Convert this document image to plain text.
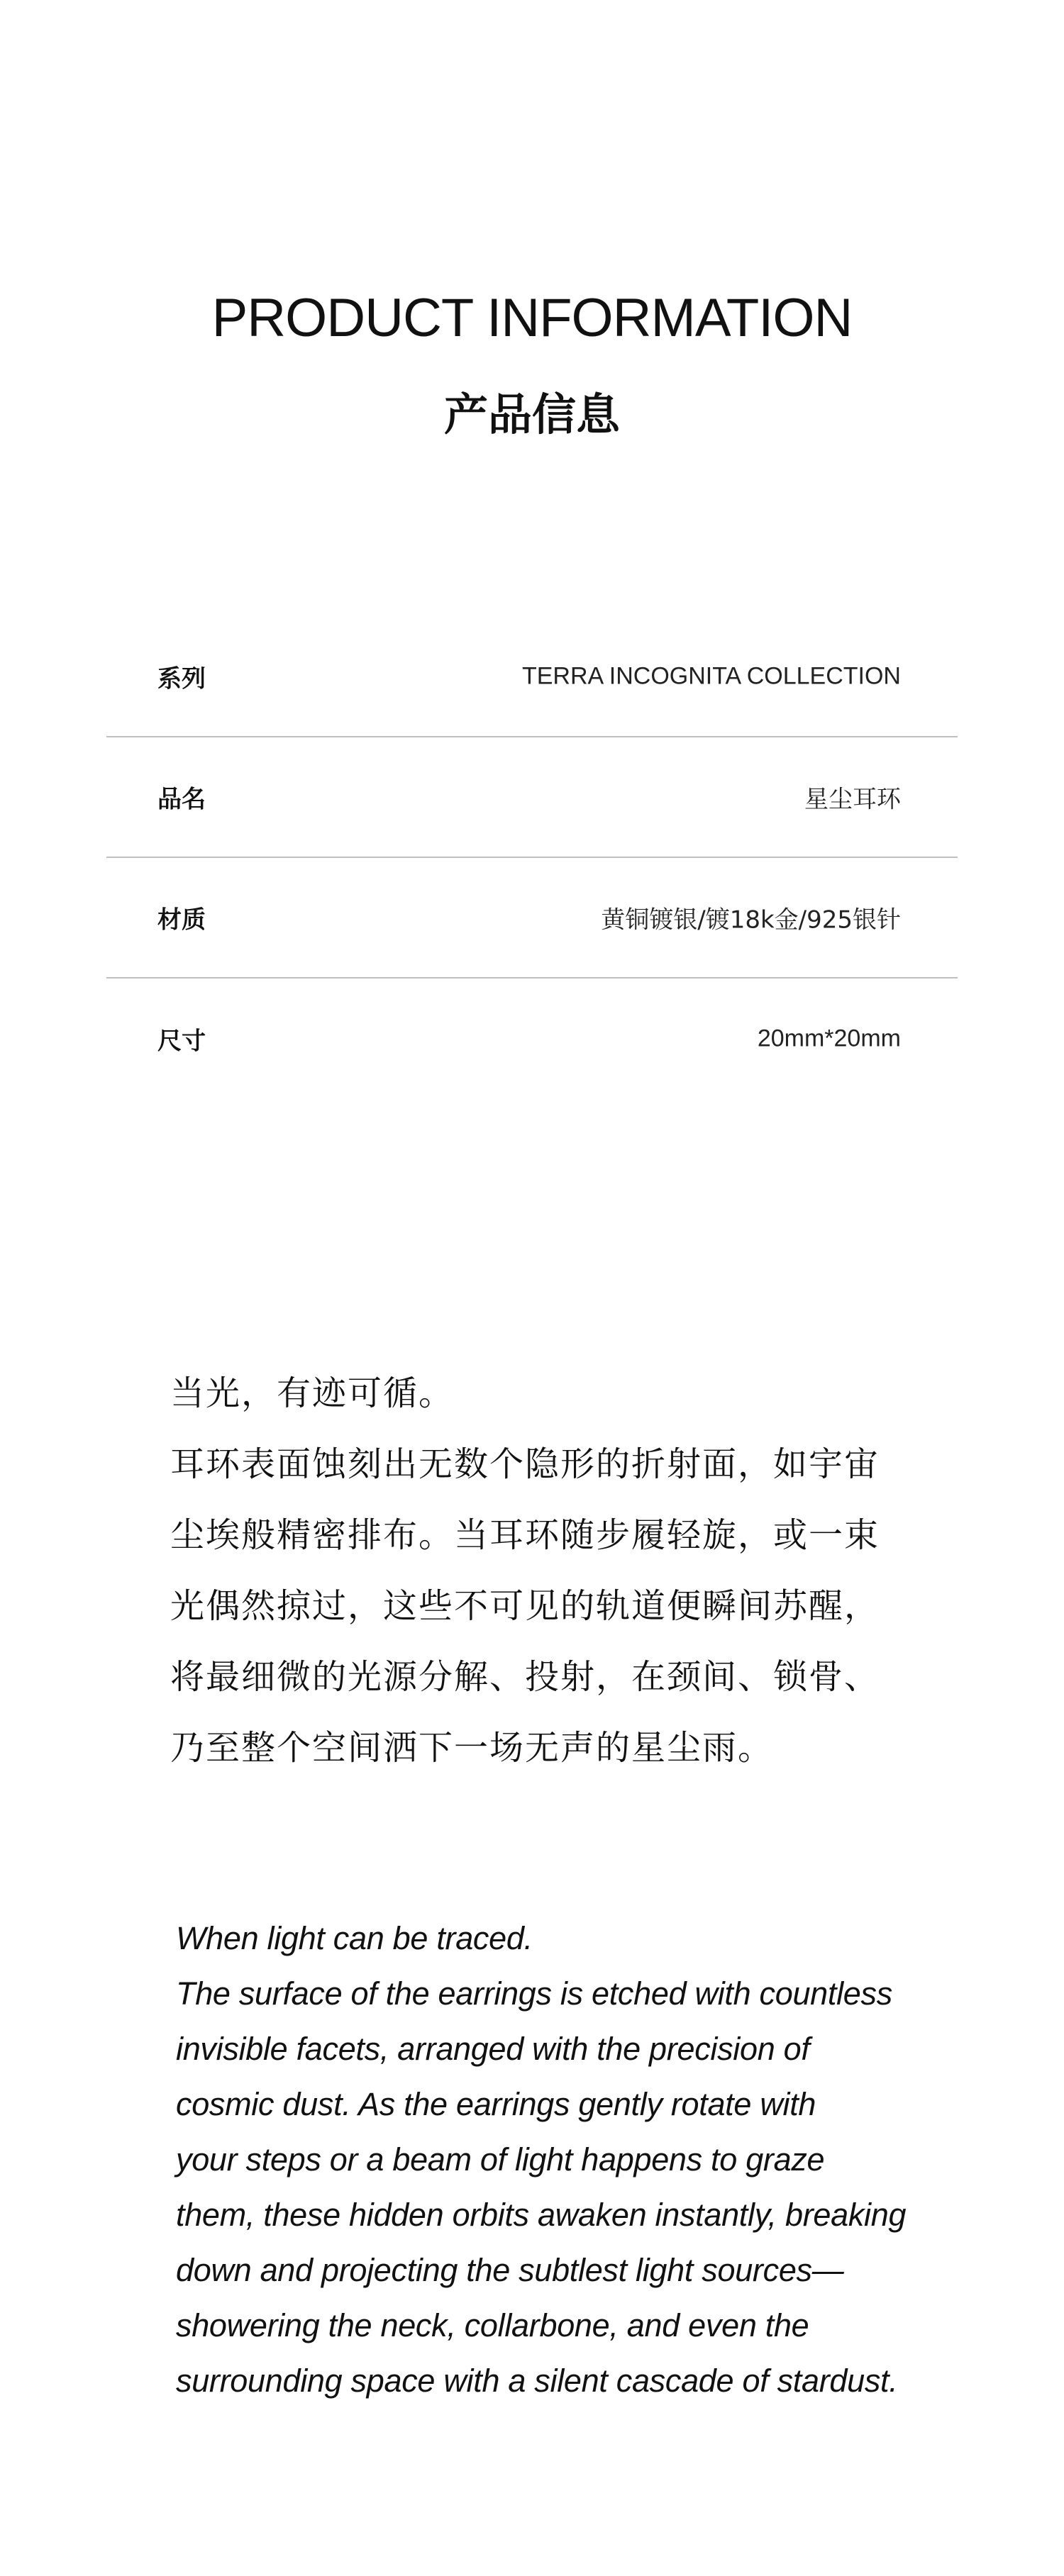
PRODUCT INFORMATION
产品信息
系列	TERRA INCOGNITA COLLECTION
品名	星尘耳环
材质	黄铜镀银/镀18k金/925银针
尺寸	20mm*20mm

当光，有迹可循。

耳环表面蚀刻出无数个隐形的折射面，如宇宙

尘埃般精密排布。当耳环随步履轻旋，或一束

光偶然掠过，这些不可见的轨道便瞬间苏醒，

将最细微的光源分解、投射，在颈间、锁骨、

乃至整个空间洒下一场无声的星尘雨。

When light can be traced.

The surface of the earrings is etched with countless

invisible facets, arranged with the precision of

cosmic dust. As the earrings gently rotate with

your steps or a beam of light happens to graze

them, these hidden orbits awaken instantly, breaking

down and projecting the subtlest light sources—

showering the neck, collarbone, and even the

surrounding space with a silent cascade of stardust.
